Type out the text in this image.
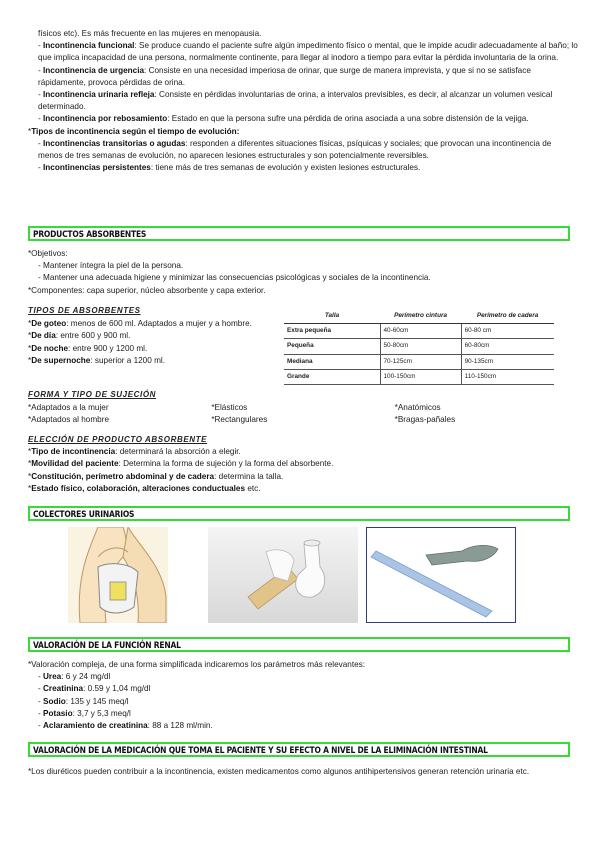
físicos etc). Es más frecuente en las mujeres en menopausia.
- Incontinencia funcional: Se produce cuando el paciente sufre algún impedimento físico o mental, que le impide acudir adecuadamente al baño; lo que implica incapacidad de una persona, normalmente continente, para llegar al inodoro a tiempo para evitar la pérdida involuntaria de la orina.
- Incontinencia de urgencia: Consiste en una necesidad imperiosa de orinar, que surge de manera imprevista, y que si no se satisface rápidamente, provoca pérdidas de orina.
- Incontinencia urinaria refleja: Consiste en pérdidas involuntarias de orina, a intervalos previsibles, es decir, al alcanzar un volumen vesical determinado.
- Incontinencia por rebosamiento: Estado en que la persona sufre una pérdida de orina asociada a una sobre distensión de la vejiga.
*Tipos de incontinencia según el tiempo de evolución:
- Incontinencias transitorias o agudas: responden a diferentes situaciones físicas, psíquicas y sociales; que provocan una incontinencia de menos de tres semanas de evolución, no aparecen lesiones estructurales y son potencialmente reversibles.
- Incontinencias persistentes: tiene más de tres semanas de evolución y existen lesiones estructurales.
PRODUCTOS ABSORBENTES
*Objetivos:
- Mantener íntegra la piel de la persona.
- Mantener una adecuada higiene y minimizar las consecuencias psicológicas y sociales de la incontinencia.
*Componentes: capa superior, núcleo absorbente y capa exterior.
TIPOS DE ABSORBENTES
*De goteo: menos de 600 ml. Adaptados a mujer y a hombre.
*De día: entre 600 y 900 ml.
*De noche: entre 900 y 1200 ml.
*De supernoche: superior a 1200 ml.
Talla	Perímetro cintura	Perímetro de cadera
Extra pequeña	40-60cm	60-80 cm
Pequeña	50-80cm	60-80cm
Mediana	70-125cm	90-135cm
Grande	100-150cm	110-150cm
FORMA Y TIPO DE SUJECIÓN
*Adaptados a la mujer	*Elásticos	*Anatómicos
*Adaptados al hombre	*Rectangulares	*Bragas-pañales
ELECCIÓN DE PRODUCTO ABSORBENTE
*Tipo de incontinencia: determinará la absorción a elegir.
*Movilidad del paciente: Determina la forma de sujeción y la forma del absorbente.
*Constitución, perímetro abdominal y de cadera: determina la talla.
*Estado físico, colaboración, alteraciones conductuales etc.
COLECTORES URINARIOS
VALORACIÓN DE LA FUNCIÓN RENAL
*Valoración compleja, de una forma simplificada indicaremos los parámetros más relevantes:
- Urea: 6 y 24 mg/dl
- Creatinina: 0.59 y 1,04 mg/dl
- Sodio: 135 y 145 meq/l
- Potasio: 3,7 y 5,3 meq/l
- Aclaramiento de creatinina: 88 a 128 ml/min.
VALORACIÓN DE LA MEDICACIÓN QUE TOMA EL PACIENTE Y SU EFECTO A NIVEL DE LA ELIMINACIÓN INTESTINAL
*Los diuréticos pueden contribuir a la incontinencia, existen medicamentos como algunos antihipertensivos generan retención urinaria etc.
